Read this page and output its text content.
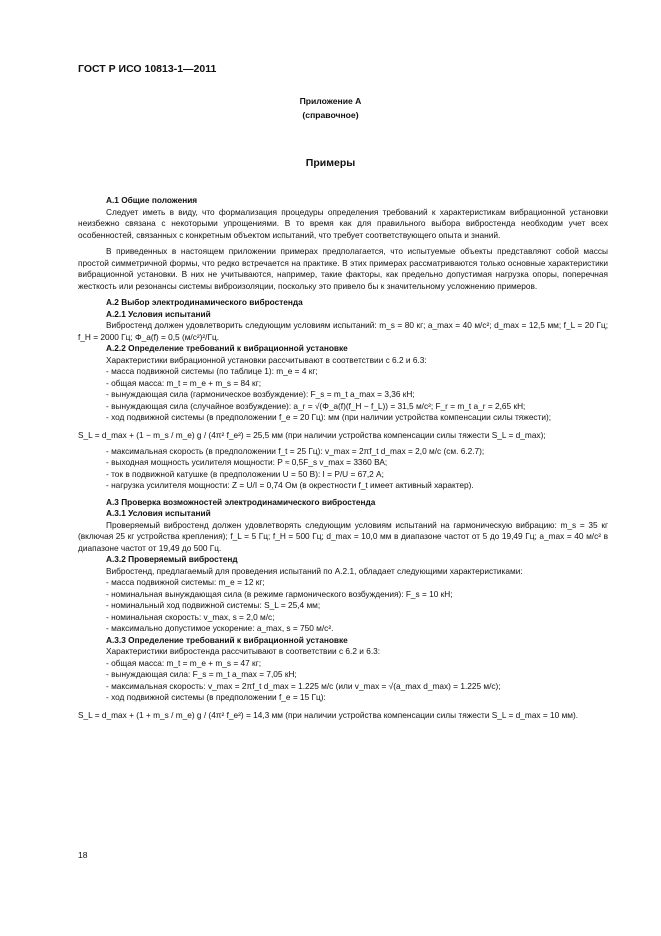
ГОСТ Р ИСО 10813-1—2011
Приложение А
(справочное)
Примеры

А.1 Общие положения

Следует иметь в виду, что формализация процедуры определения требований к характеристикам вибрационной установки неизбежно связана с некоторыми упрощениями. В то время как для правильного выбора вибростенда необходим учет всех особенностей, связанных с конкретным объектом испытаний, что требует соответствующего опыта и знаний.

В приведенных в настоящем приложении примерах предполагается, что испытуемые объекты представляют собой массы простой симметричной формы, что редко встречается на практике. В этих примерах рассматриваются только основные характеристики вибрационной установки. В них не учитываются, например, такие факторы, как предельно допустимая нагрузка опоры, поперечная жесткость или резонансы системы виброизоляции, поскольку это привело бы к значительному усложнению примеров.

А.2 Выбор электродинамического вибростенда

А.2.1 Условия испытаний

Вибростенд должен удовлетворить следующим условиям испытаний: m_s = 80 кг; a_max = 40 м/с²; d_max = 12,5 мм; f_L = 20 Гц; f_H = 2000 Гц; Φ_a(f) = 0,5 (м/с²)²/Гц.

А.2.2 Определение требований к вибрационной установке

Характеристики вибрационной установки рассчитывают в соответствии с 6.2 и 6.3:

- масса подвижной системы (по таблице 1): m_e = 4 кг;

- общая масса: m_t = m_e + m_s = 84 кг;

- вынуждающая сила (гармоническое возбуждение): F_s = m_t a_max = 3,36 кН;

- вынуждающая сила (случайное возбуждение): a_r = √(Φ_a(f)(f_H − f_L)) = 31,5 м/с²; F_r = m_t a_r = 2,65 кН;

- ход подвижной системы (в предположении f_e = 20 Гц): мм (при наличии устройства компенсации силы тяжести);

S_L = d_max + (1 − m_s / m_e) g / (4π² f_e²) = 25,5 мм (при наличии устройства компенсации силы тяжести S_L = d_max);

- максимальная скорость (в предположении f_t = 25 Гц): v_max = 2πf_t d_max = 2,0 м/с (см. 6.2.7);

- выходная мощность усилителя мощности: P ≈ 0,5F_s v_max = 3360 ВА;

- ток в подвижной катушке (в предположении U = 50 В): I = P/U = 67,2 А;

- нагрузка усилителя мощности: Z = U/I = 0,74 Ом (в окрестности f_t имеет активный характер).

А.3 Проверка возможностей электродинамического вибростенда

А.3.1 Условия испытаний

Проверяемый вибростенд должен удовлетворять следующим условиям испытаний на гармоническую вибрацию: m_s = 35 кг (включая 25 кг устройства крепления); f_L = 5 Гц; f_H = 500 Гц; d_max = 10,0 мм в диапазоне частот от 5 до 19,49 Гц; a_max = 40 м/с² в диапазоне частот от 19,49 до 500 Гц.

А.3.2 Проверяемый вибростенд

Вибростенд, предлагаемый для проведения испытаний по А.2.1, обладает следующими характеристиками:

- масса подвижной системы: m_e = 12 кг;

- номинальная вынуждающая сила (в режиме гармонического возбуждения): F_s = 10 кН;

- номинальный ход подвижной системы: S_L = 25,4 мм;

- номинальная скорость: v_max, s = 2,0 м/с;

- максимально допустимое ускорение: a_max, s = 750 м/с².

А.3.3 Определение требований к вибрационной установке

Характеристики вибростенда рассчитывают в соответствии с 6.2 и 6.3:

- общая масса: m_t = m_e + m_s = 47 кг;

- вынуждающая сила: F_s = m_t a_max = 7,05 кН;

- максимальная скорость: v_max = 2πf_t d_max = 1.225 м/с (или v_max = √(a_max d_max) = 1.225 м/с);

- ход подвижной системы (в предположении f_e = 15 Гц):

S_L = d_max + (1 + m_s / m_e) g / (4π² f_e²) = 14,3 мм (при наличии устройства компенсации силы тяжести S_L = d_max = 10 мм).

18
